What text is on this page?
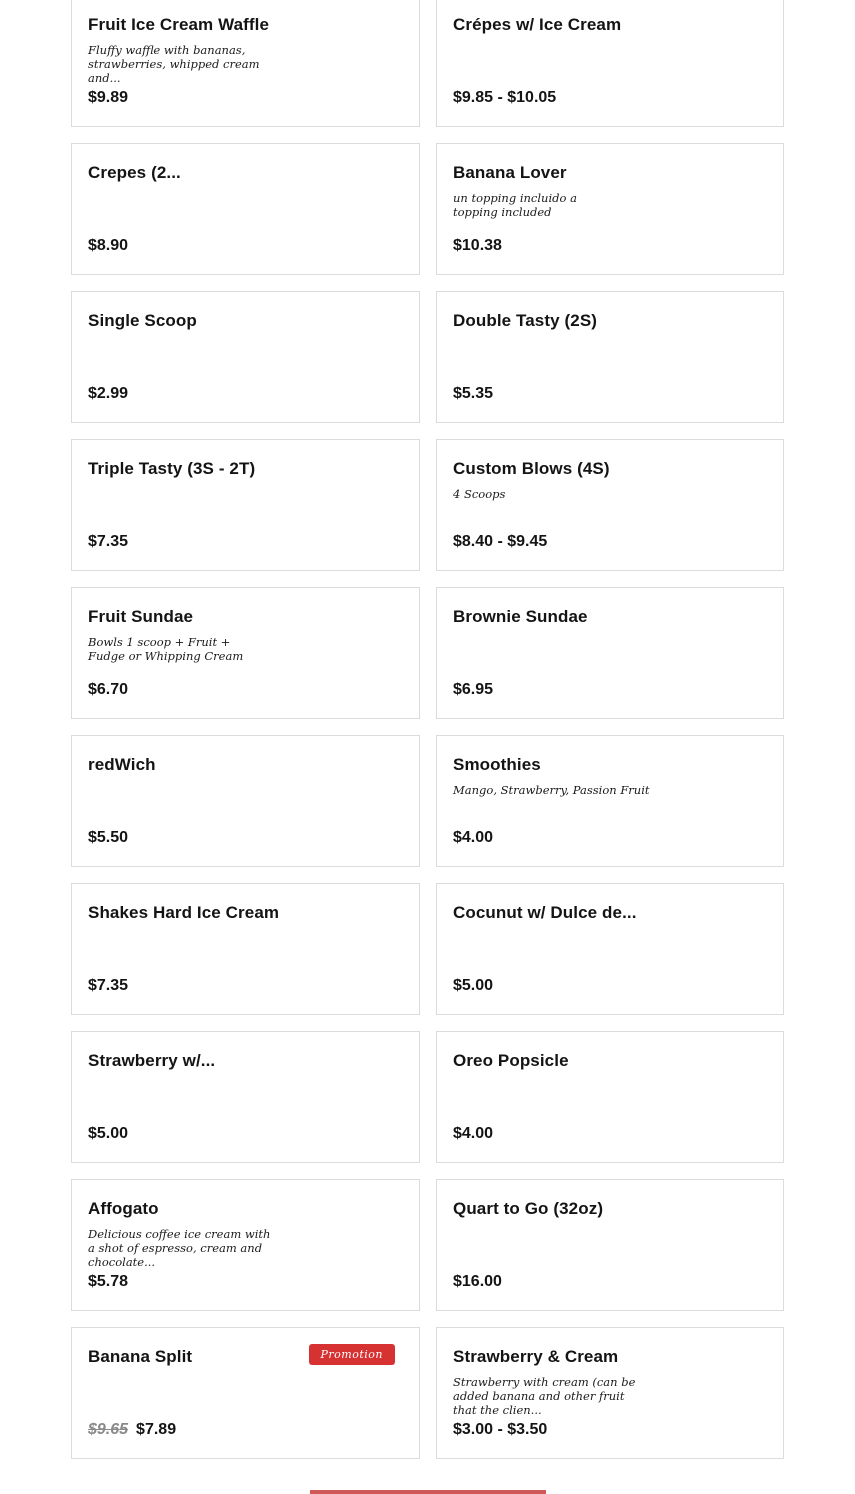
Fruit Ice Cream Waffle
Fluffy waffle with bananas, strawberries, whipped cream and...
$9.89
Crépes w/ Ice Cream
$9.85 - $10.05
Crepes (2...
$8.90
Banana Lover
un topping incluido a topping included
$10.38
Single Scoop
$2.99
Double Tasty (2S)
$5.35
Triple Tasty (3S - 2T)
$7.35
Custom Blows (4S)
4 Scoops
$8.40 - $9.45
Fruit Sundae
Bowls 1 scoop + Fruit + Fudge or Whipping Cream
$6.70
Brownie Sundae
$6.95
redWich
$5.50
Smoothies
Mango, Strawberry, Passion Fruit
$4.00
Shakes Hard Ice Cream
$7.35
Cocunut w/ Dulce de...
$5.00
Strawberry w/...
$5.00
Oreo Popsicle
$4.00
Affogato
Delicious coffee ice cream with a shot of espresso, cream and chocolate...
$5.78
Quart to Go (32oz)
$16.00
Banana Split	Promotion
$9.65 $7.89
Strawberry & Cream
Strawberry with cream (can be added banana and other fruit that the clien...
$3.00 - $3.50
